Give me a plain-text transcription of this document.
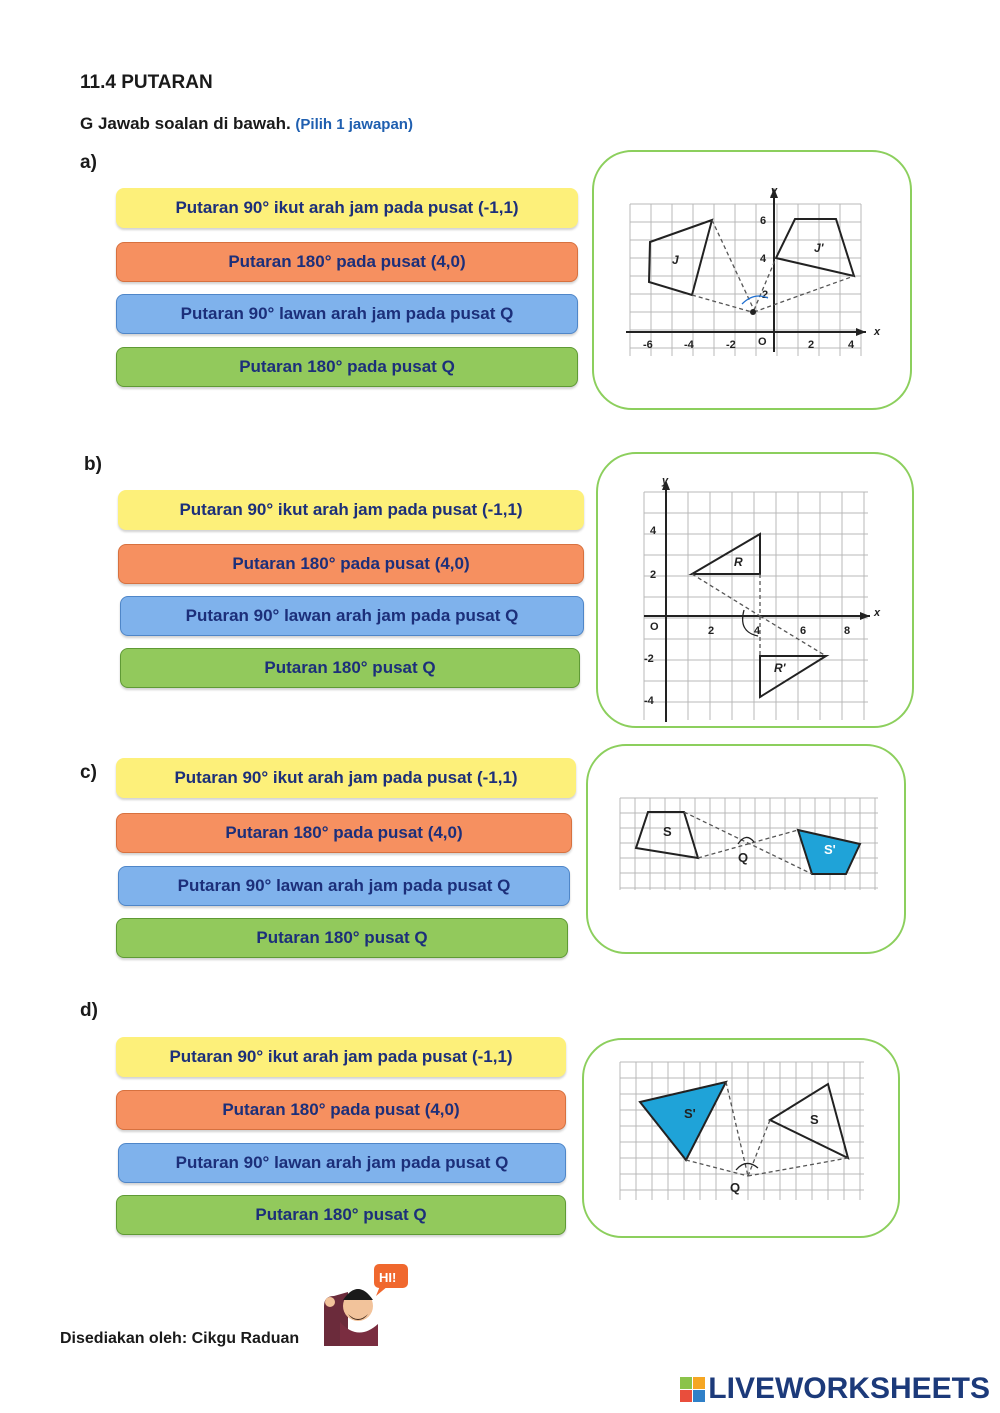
11.4 PUTARAN
G Jawab soalan di bawah. (Pilih 1 jawapan)
a)
Putaran 90° ikut arah jam pada pusat (-1,1)
Putaran 180° pada pusat (4,0)
Putaran 90° lawan arah jam pada pusat Q
Putaran 180° pada pusat Q
-6	-4	-2 O	2	4
6
4
2
x
y
J
J'
b)
Putaran 90° ikut arah jam pada pusat (-1,1)
Putaran 180° pada pusat (4,0)
Putaran 90° lawan arah jam pada pusat Q
Putaran 180° pusat Q
O	2	4	6	8
4
2
-2
-4
x
y
R
R'
c)	Putaran 90° ikut arah jam pada pusat (-1,1)
Putaran 180° pada pusat (4,0)
Putaran 90° lawan arah jam pada pusat Q
Putaran 180° pusat Q
S
S'
Q
d)
Putaran 90° ikut arah jam pada pusat (-1,1)
Putaran 180° pada pusat (4,0)
Putaran 90° lawan arah jam pada pusat Q
Putaran 180° pusat Q
S'	S
Q
Disediakan oleh: Cikgu Raduan
HI!
LIVEWORKSHEETS
